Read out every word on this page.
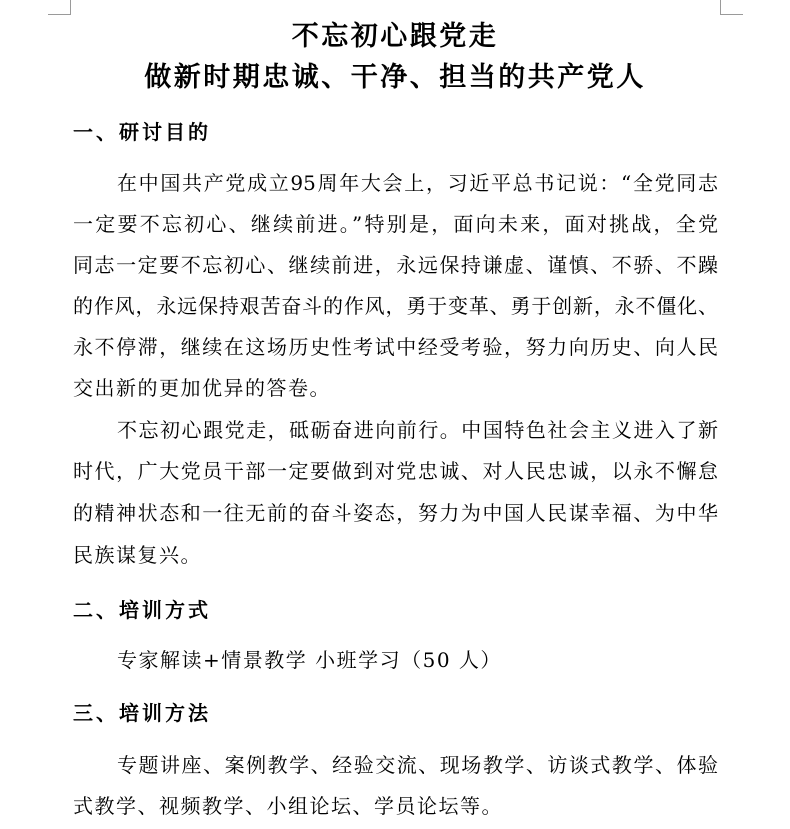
不忘初心跟党走
做新时期忠诚、干净、担当的共产党人
一、研讨目的
在中国共产党成立95周年大会上，习近平总书记说：“全党同志
一定要不忘初心、继续前进。”特别是，面向未来，面对挑战，全党
同志一定要不忘初心、继续前进，永远保持谦虚、谨慎、不骄、不躁
的作风，永远保持艰苦奋斗的作风，勇于变革、勇于创新，永不僵化、
永不停滞，继续在这场历史性考试中经受考验，努力向历史、向人民
交出新的更加优异的答卷。
不忘初心跟党走，砥砺奋进向前行。中国特色社会主义进入了新
时代，广大党员干部一定要做到对党忠诚、对人民忠诚，以永不懈怠
的精神状态和一往无前的奋斗姿态，努力为中国人民谋幸福、为中华
民族谋复兴。
二、培训方式
专家解读+情景教学 小班学习（50 人）
三、培训方法
专题讲座、案例教学、经验交流、现场教学、访谈式教学、体验
式教学、视频教学、小组论坛、学员论坛等。
